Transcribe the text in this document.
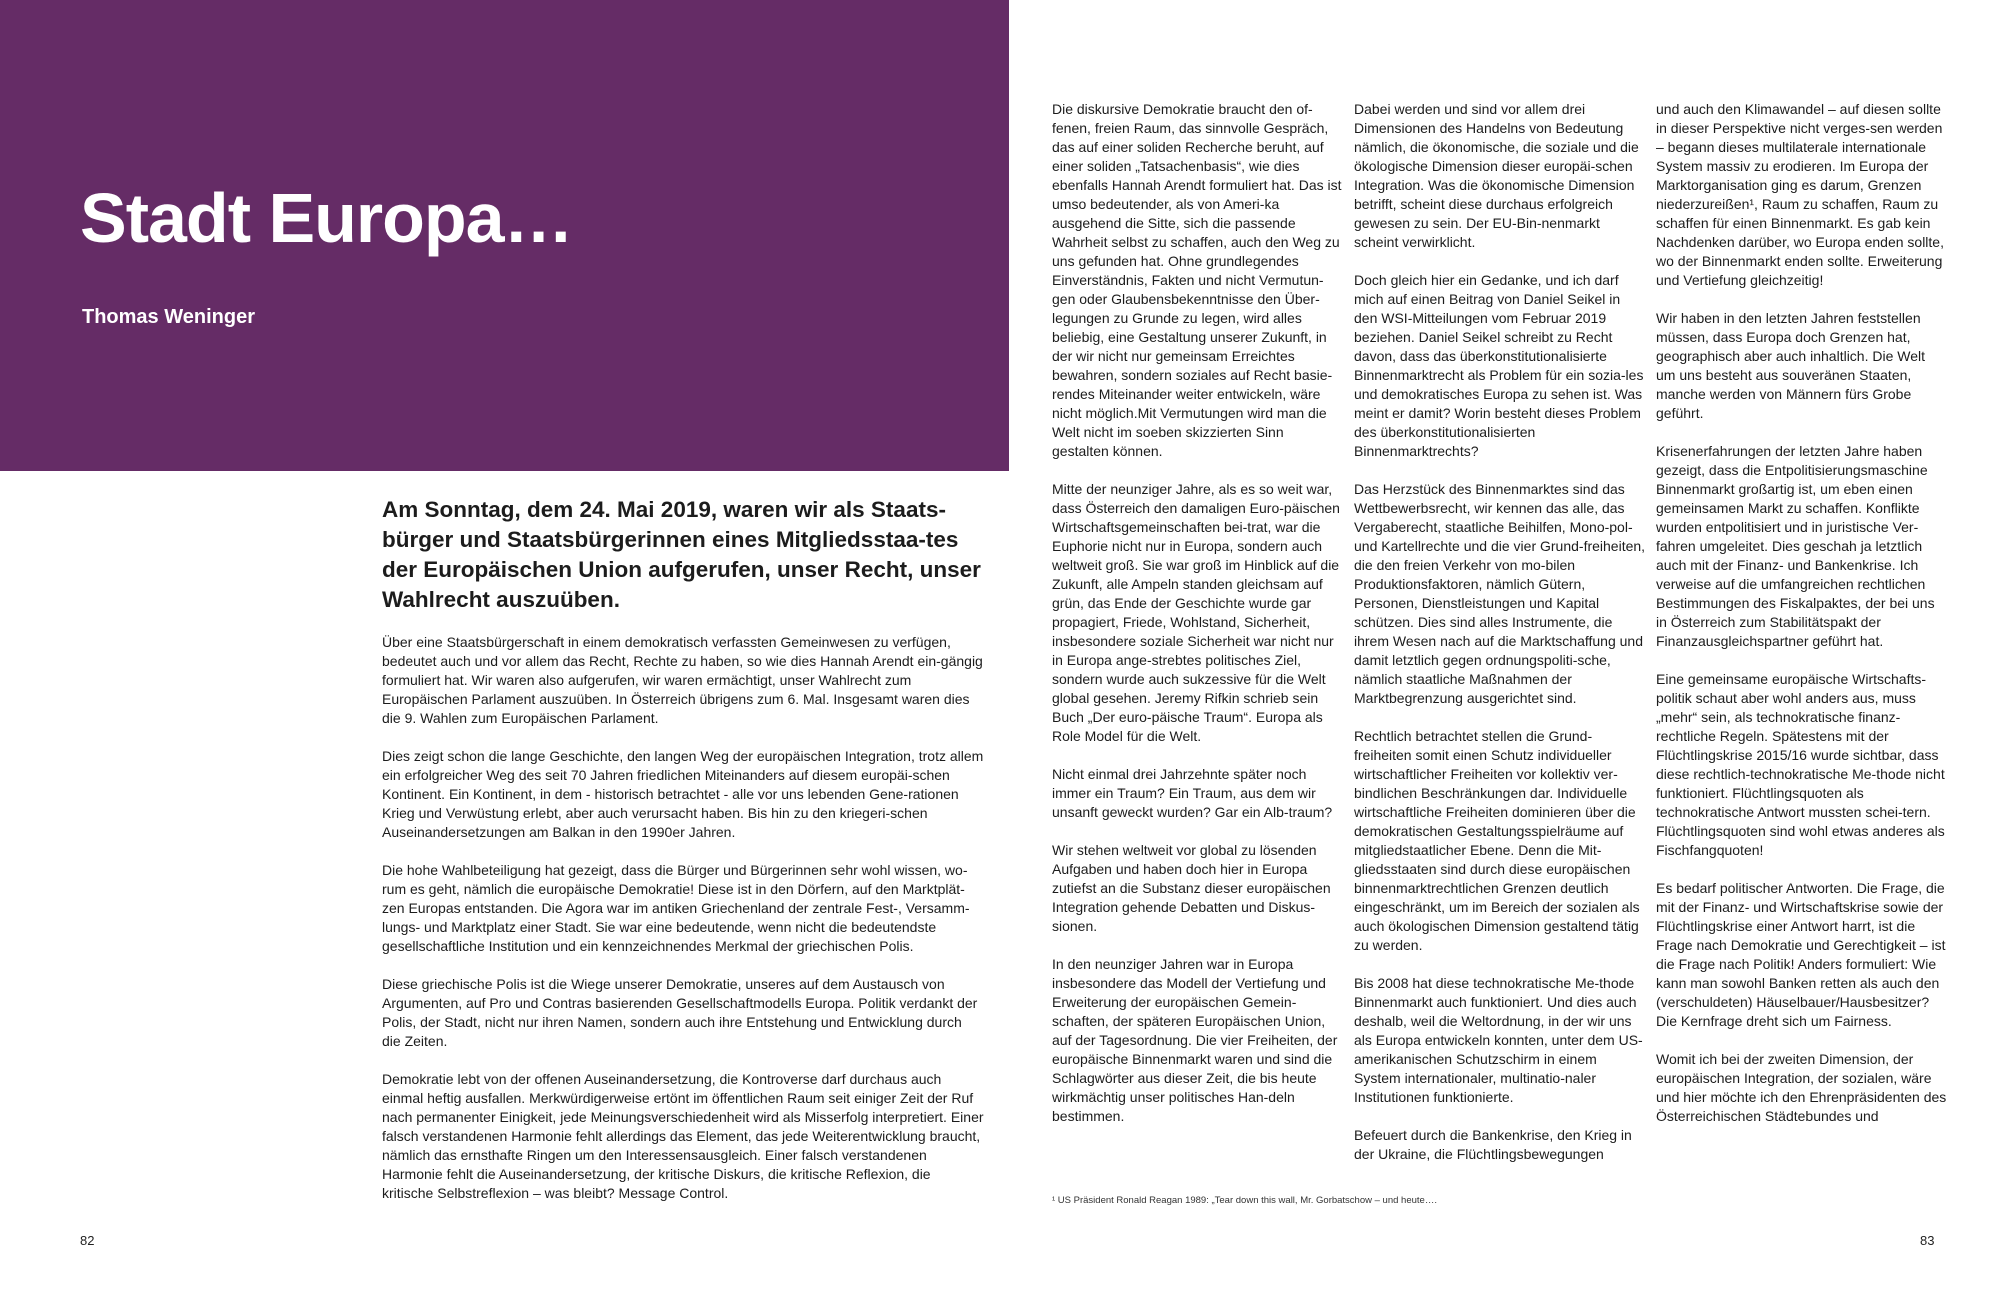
Stadt Europa…
Thomas Weninger

Am Sonntag, dem 24. Mai 2019, waren wir als Staats-bürger und Staatsbürgerinnen eines Mitgliedsstaa-tes der Europäischen Union aufgerufen, unser Recht, unser Wahlrecht auszuüben.

Über eine Staatsbürgerschaft in einem demokratisch verfassten Gemeinwesen zu verfügen, bedeutet auch und vor allem das Recht, Rechte zu haben, so wie dies Hannah Arendt ein-gängig formuliert hat. Wir waren also aufgerufen, wir waren ermächtigt, unser Wahlrecht zum Europäischen Parlament auszuüben. In Österreich übrigens zum 6. Mal. Insgesamt waren dies die 9. Wahlen zum Europäischen Parlament.

Dies zeigt schon die lange Geschichte, den langen Weg der europäischen Integration, trotz allem ein erfolgreicher Weg des seit 70 Jahren friedlichen Miteinanders auf diesem europäi-schen Kontinent. Ein Kontinent, in dem - historisch betrachtet - alle vor uns lebenden Gene-rationen Krieg und Verwüstung erlebt, aber auch verursacht haben. Bis hin zu den kriegeri-schen Auseinandersetzungen am Balkan in den 1990er Jahren.

Die hohe Wahlbeteiligung hat gezeigt, dass die Bürger und Bürgerinnen sehr wohl wissen, wo-rum es geht, nämlich die europäische Demokratie! Diese ist in den Dörfern, auf den Marktplät-zen Europas entstanden. Die Agora war im antiken Griechenland der zentrale Fest-, Versamm-lungs- und Marktplatz einer Stadt. Sie war eine bedeutende, wenn nicht die bedeutendste gesellschaftliche Institution und ein kennzeichnendes Merkmal der griechischen Polis.

Diese griechische Polis ist die Wiege unserer Demokratie, unseres auf dem Austausch von Argumenten, auf Pro und Contras basierenden Gesellschaftmodells Europa. Politik verdankt der Polis, der Stadt, nicht nur ihren Namen, sondern auch ihre Entstehung und Entwicklung durch die Zeiten.

Demokratie lebt von der offenen Auseinandersetzung, die Kontroverse darf durchaus auch einmal heftig ausfallen. Merkwürdigerweise ertönt im öffentlichen Raum seit einiger Zeit der Ruf nach permanenter Einigkeit, jede Meinungsverschiedenheit wird als Misserfolg interpretiert. Einer falsch verstandenen Harmonie fehlt allerdings das Element, das jede Weiterentwicklung braucht, nämlich das ernsthafte Ringen um den Interessensausgleich. Einer falsch verstandenen Harmonie fehlt die Auseinandersetzung, der kritische Diskurs, die kritische Reflexion, die kritische Selbstreflexion – was bleibt? Message Control.

Die diskursive Demokratie braucht den of-fenen, freien Raum, das sinnvolle Gespräch, das auf einer soliden Recherche beruht, auf einer soliden „Tatsachenbasis“, wie dies ebenfalls Hannah Arendt formuliert hat. Das ist umso bedeutender, als von Ameri-ka ausgehend die Sitte, sich die passende Wahrheit selbst zu schaffen, auch den Weg zu uns gefunden hat. Ohne grundlegendes Einverständnis, Fakten und nicht Vermutun-gen oder Glaubensbekenntnisse den Über-legungen zu Grunde zu legen, wird alles beliebig, eine Gestaltung unserer Zukunft, in der wir nicht nur gemeinsam Erreichtes bewahren, sondern soziales auf Recht basie-rendes Miteinander weiter entwickeln, wäre nicht möglich.Mit Vermutungen wird man die Welt nicht im soeben skizzierten Sinn gestalten können.

Mitte der neunziger Jahre, als es so weit war, dass Österreich den damaligen Euro-päischen Wirtschaftsgemeinschaften bei-trat, war die Euphorie nicht nur in Europa, sondern auch weltweit groß. Sie war groß im Hinblick auf die Zukunft, alle Ampeln standen gleichsam auf grün, das Ende der Geschichte wurde gar propagiert, Friede, Wohlstand, Sicherheit, insbesondere soziale Sicherheit war nicht nur in Europa ange-strebtes politisches Ziel, sondern wurde auch sukzessive für die Welt global gesehen. Jeremy Rifkin schrieb sein Buch „Der euro-päische Traum“. Europa als Role Model für die Welt.

Nicht einmal drei Jahrzehnte später noch immer ein Traum? Ein Traum, aus dem wir unsanft geweckt wurden? Gar ein Alb-traum?

Wir stehen weltweit vor global zu lösenden Aufgaben und haben doch hier in Europa zutiefst an die Substanz dieser europäischen Integration gehende Debatten und Diskus-sionen.

In den neunziger Jahren war in Europa insbesondere das Modell der Vertiefung und Erweiterung der europäischen Gemein-schaften, der späteren Europäischen Union, auf der Tagesordnung. Die vier Freiheiten, der europäische Binnenmarkt waren und sind die Schlagwörter aus dieser Zeit, die bis heute wirkmächtig unser politisches Han-deln bestimmen.

Dabei werden und sind vor allem drei Dimensionen des Handelns von Bedeutung nämlich, die ökonomische, die soziale und die ökologische Dimension dieser europäi-schen Integration. Was die ökonomische Dimension betrifft, scheint diese durchaus erfolgreich gewesen zu sein. Der EU-Bin-nenmarkt scheint verwirklicht.

Doch gleich hier ein Gedanke, und ich darf mich auf einen Beitrag von Daniel Seikel in den WSI-Mitteilungen vom Februar 2019 beziehen. Daniel Seikel schreibt zu Recht davon, dass das überkonstitutionalisierte Binnenmarktrecht als Problem für ein sozia-les und demokratisches Europa zu sehen ist. Was meint er damit? Worin besteht dieses Problem des überkonstitutionalisierten Binnenmarktrechts?

Das Herzstück des Binnenmarktes sind das Wettbewerbsrecht, wir kennen das alle, das Vergaberecht, staatliche Beihilfen, Mono-pol- und Kartellrechte und die vier Grund-freiheiten, die den freien Verkehr von mo-bilen Produktionsfaktoren, nämlich Gütern, Personen, Dienstleistungen und Kapital schützen. Dies sind alles Instrumente, die ihrem Wesen nach auf die Marktschaffung und damit letztlich gegen ordnungspoliti-sche, nämlich staatliche Maßnahmen der Marktbegrenzung ausgerichtet sind.

Rechtlich betrachtet stellen die Grund-freiheiten somit einen Schutz individueller wirtschaftlicher Freiheiten vor kollektiv ver-bindlichen Beschränkungen dar. Individuelle wirtschaftliche Freiheiten dominieren über die demokratischen Gestaltungsspielräume auf mitgliedstaatlicher Ebene. Denn die Mit-gliedsstaaten sind durch diese europäischen binnenmarktrechtlichen Grenzen deutlich eingeschränkt, um im Bereich der sozialen als auch ökologischen Dimension gestaltend tätig zu werden.

Bis 2008 hat diese technokratische Me-thode Binnenmarkt auch funktioniert. Und dies auch deshalb, weil die Weltordnung, in der wir uns als Europa entwickeln konnten, unter dem US-amerikanischen Schutzschirm in einem System internationaler, multinatio-naler Institutionen funktionierte.

Befeuert durch die Bankenkrise, den Krieg in der Ukraine, die Flüchtlingsbewegungen

und auch den Klimawandel – auf diesen sollte in dieser Perspektive nicht verges-sen werden – begann dieses multilaterale internationale System massiv zu erodieren. Im Europa der Marktorganisation ging es darum, Grenzen niederzureißen¹, Raum zu schaffen, Raum zu schaffen für einen Binnenmarkt. Es gab kein Nachdenken darüber, wo Europa enden sollte, wo der Binnenmarkt enden sollte. Erweiterung und Vertiefung gleichzeitig!

Wir haben in den letzten Jahren feststellen müssen, dass Europa doch Grenzen hat, geographisch aber auch inhaltlich. Die Welt um uns besteht aus souveränen Staaten, manche werden von Männern fürs Grobe geführt.

Krisenerfahrungen der letzten Jahre haben gezeigt, dass die Entpolitisierungsmaschine Binnenmarkt großartig ist, um eben einen gemeinsamen Markt zu schaffen. Konflikte wurden entpolitisiert und in juristische Ver-fahren umgeleitet. Dies geschah ja letztlich auch mit der Finanz- und Bankenkrise. Ich verweise auf die umfangreichen rechtlichen Bestimmungen des Fiskalpaktes, der bei uns in Österreich zum Stabilitätspakt der Finanzausgleichspartner geführt hat.

Eine gemeinsame europäische Wirtschafts-politik schaut aber wohl anders aus, muss „mehr“ sein, als technokratische finanz-rechtliche Regeln. Spätestens mit der Flüchtlingskrise 2015/16 wurde sichtbar, dass diese rechtlich-technokratische Me-thode nicht funktioniert. Flüchtlingsquoten als technokratische Antwort mussten schei-tern. Flüchtlingsquoten sind wohl etwas anderes als Fischfangquoten!

Es bedarf politischer Antworten. Die Frage, die mit der Finanz- und Wirtschaftskrise sowie der Flüchtlingskrise einer Antwort harrt, ist die Frage nach Demokratie und Gerechtigkeit – ist die Frage nach Politik! Anders formuliert: Wie kann man sowohl Banken retten als auch den (verschuldeten) Häuselbauer/Hausbesitzer? Die Kernfrage dreht sich um Fairness.

Womit ich bei der zweiten Dimension, der europäischen Integration, der sozialen, wäre und hier möchte ich den Ehrenpräsidenten des Österreichischen Städtebundes und

¹ US Präsident Ronald Reagan 1989: „Tear down this wall, Mr. Gorbatschow – und heute….
82	83
